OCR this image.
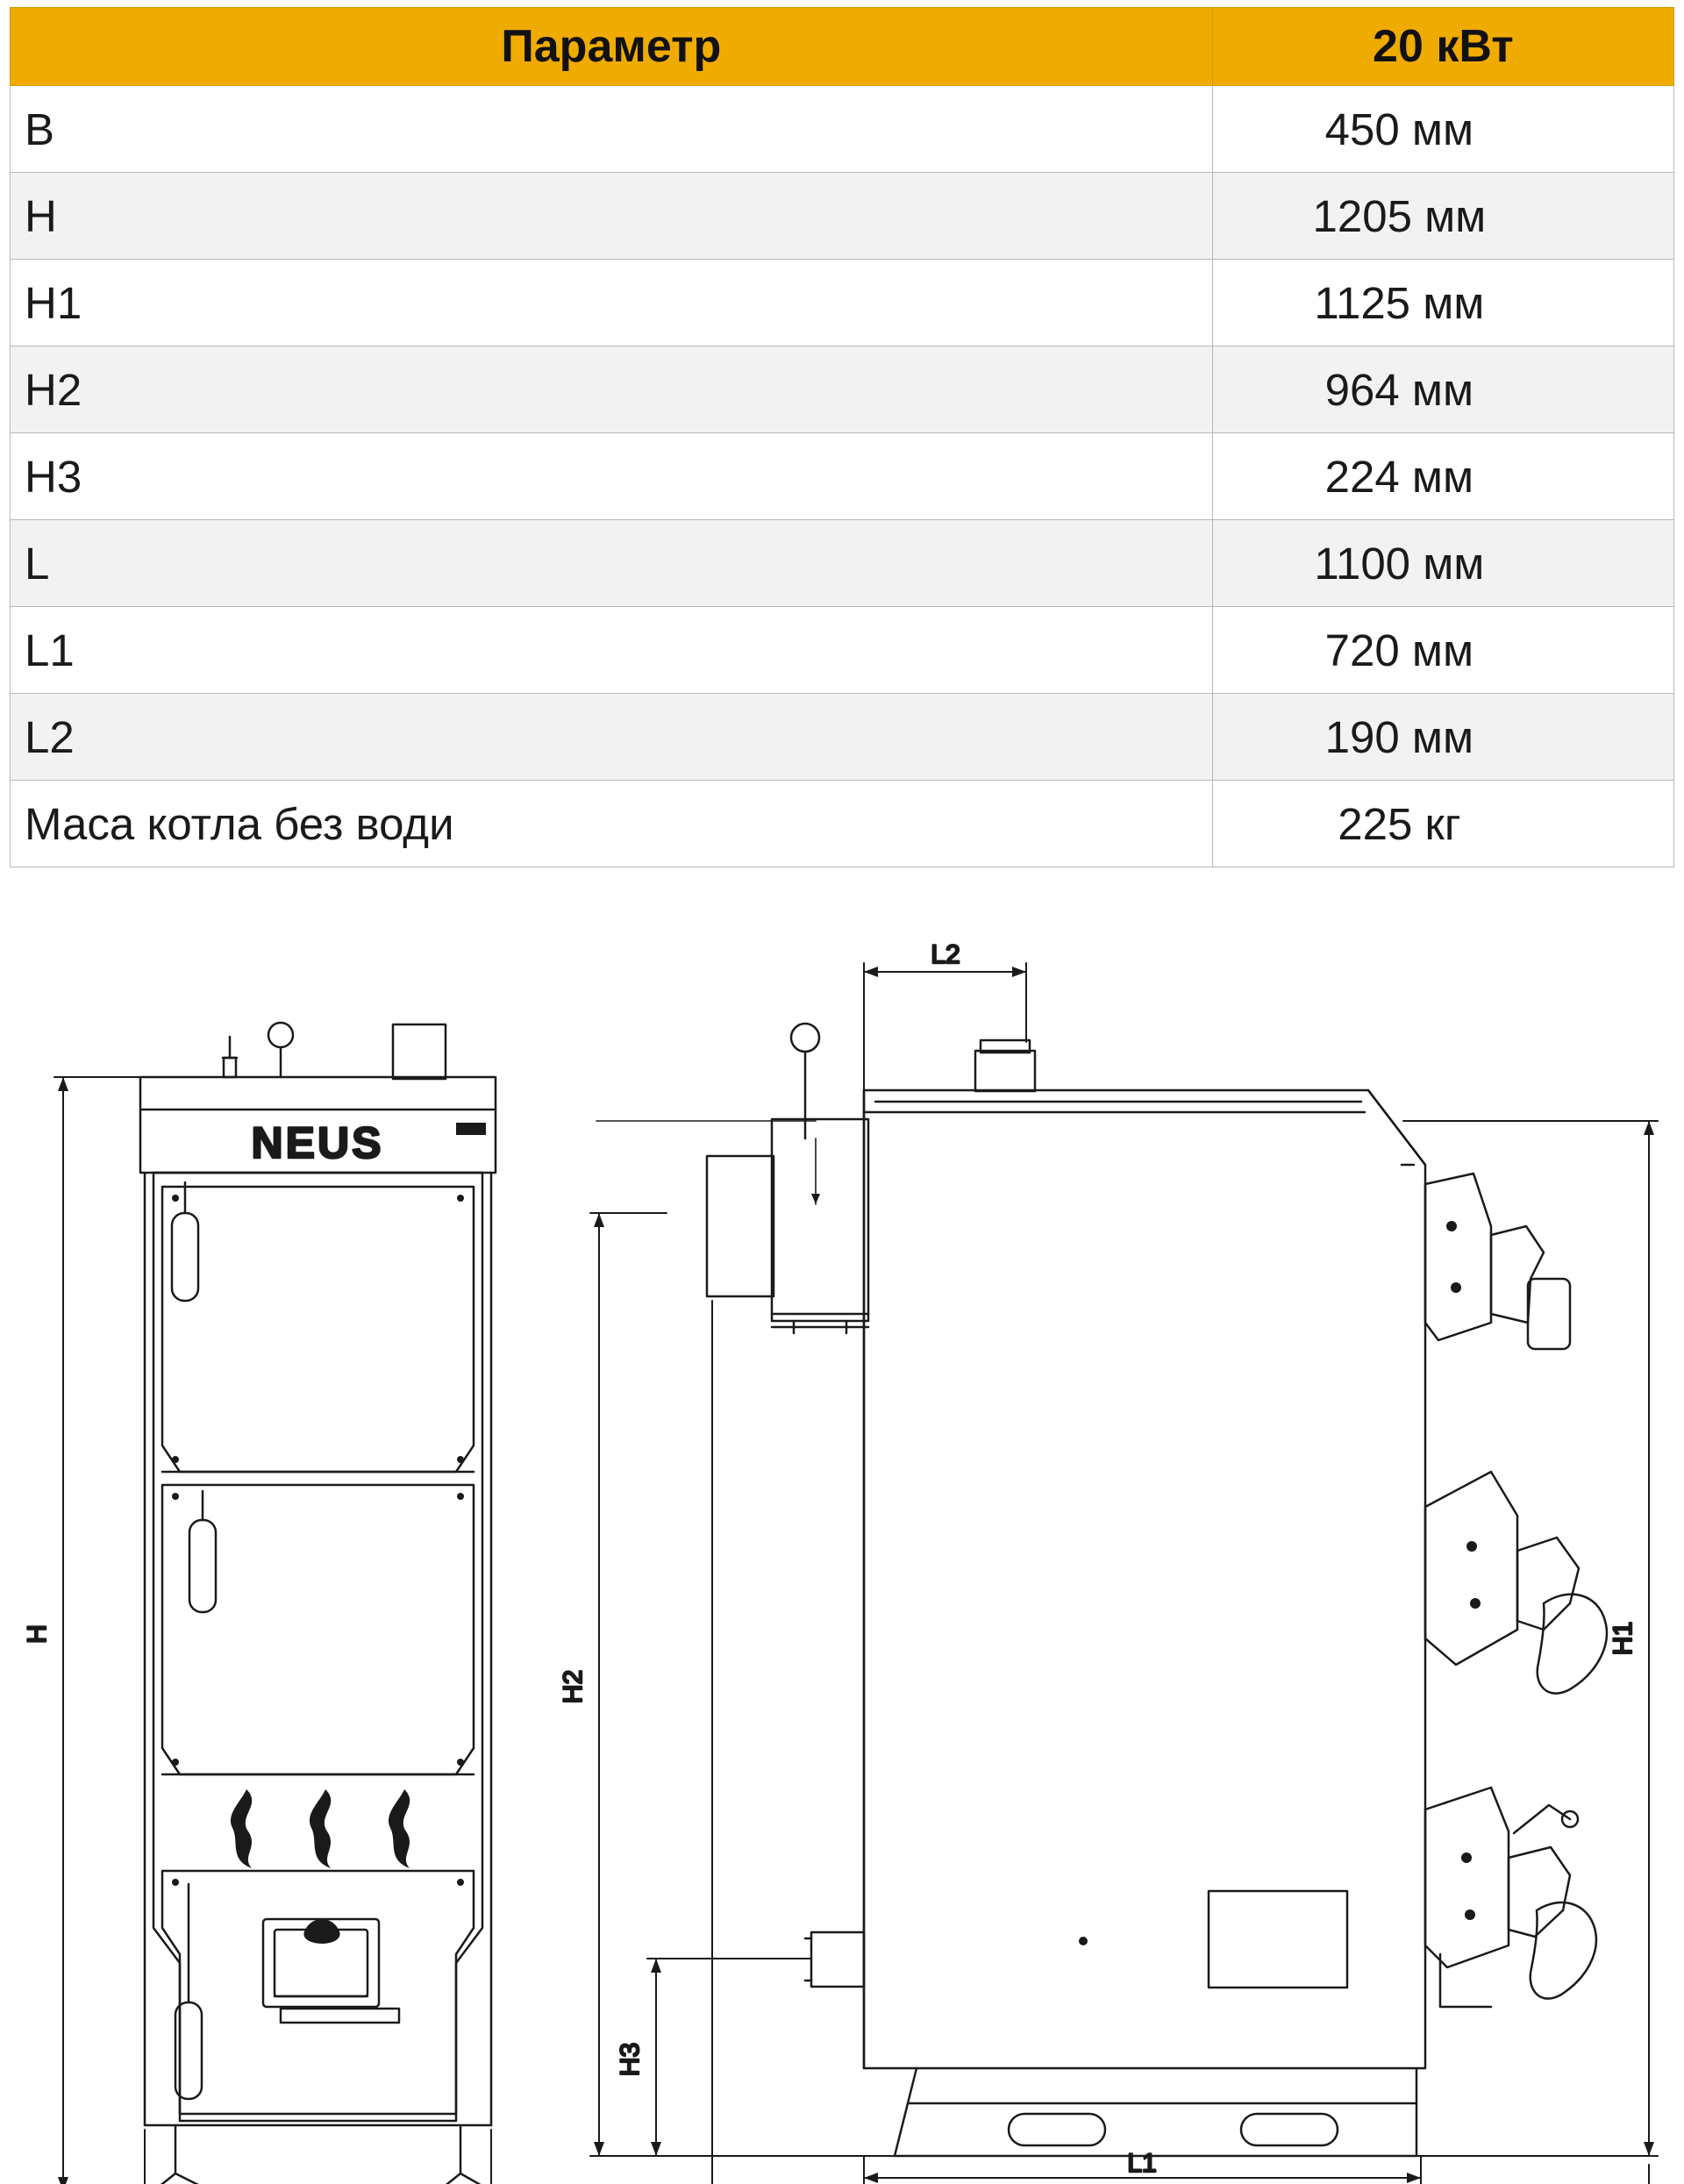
Параметр	20 кВт
B	450 мм
H	1205 мм
H1	1125 мм
H2	964 мм
H3	224 мм
L	1100 мм
L1	720 мм
L2	190 мм
Маса котла без води	225 кг
H
L2
H2
H3
H1
L1
NEUS
